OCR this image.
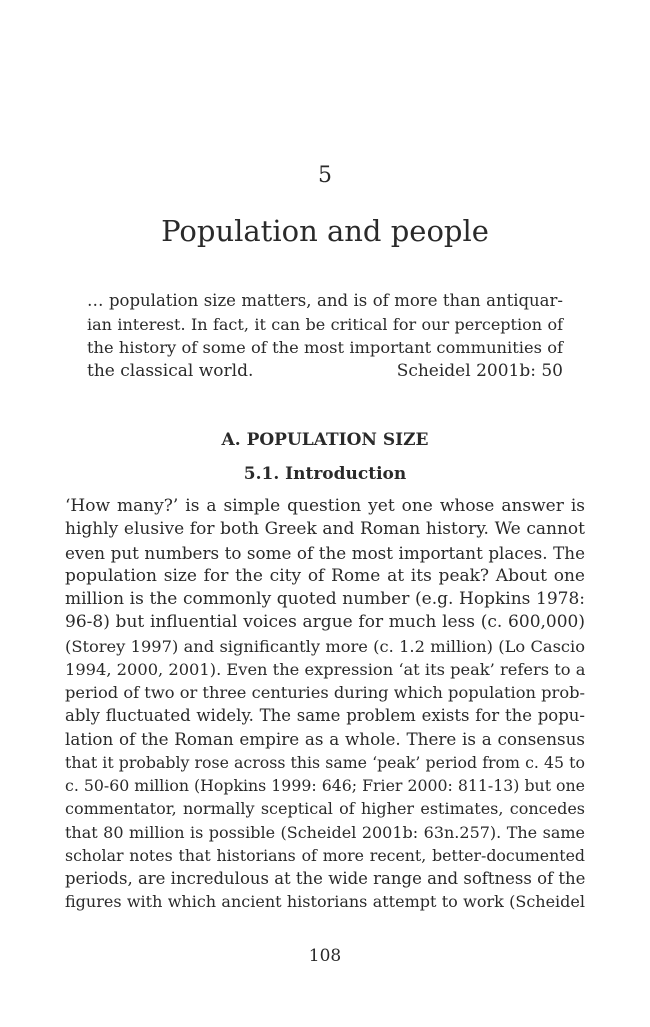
5
Population and people
… population size matters, and is of more than antiquar-
ian interest. In fact, it can be critical for our perception of
the history of some of the most important communities of
the classical world.	Scheidel 2001b: 50
A. POPULATION SIZE
5.1. Introduction
‘How many?’ is a simple question yet one whose answer is
highly elusive for both Greek and Roman history. We cannot
even put numbers to some of the most important places. The
population size for the city of Rome at its peak? About one
million is the commonly quoted number (e.g. Hopkins 1978:
96-8) but influential voices argue for much less (c. 600,000)
(Storey 1997) and significantly more (c. 1.2 million) (Lo Cascio
1994, 2000, 2001). Even the expression ‘at its peak’ refers to a
period of two or three centuries during which population prob-
ably fluctuated widely. The same problem exists for the popu-
lation of the Roman empire as a whole. There is a consensus
that it probably rose across this same ‘peak’ period from c. 45 to
c. 50-60 million (Hopkins 1999: 646; Frier 2000: 811-13) but one
commentator, normally sceptical of higher estimates, concedes
that 80 million is possible (Scheidel 2001b: 63n.257). The same
scholar notes that historians of more recent, better-documented
periods, are incredulous at the wide range and softness of the
figures with which ancient historians attempt to work (Scheidel
108
